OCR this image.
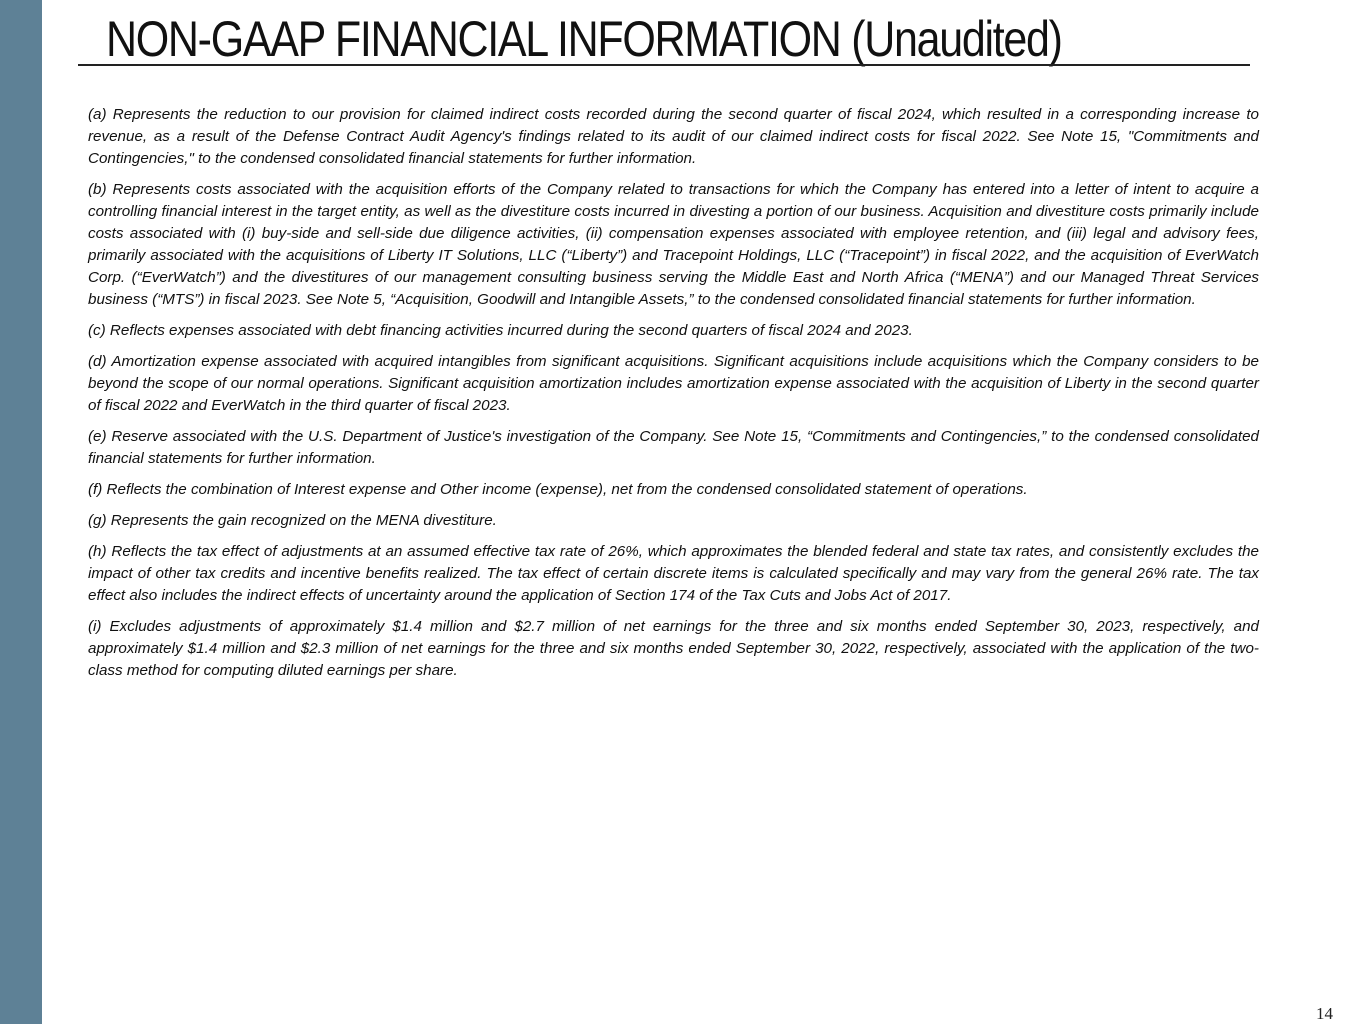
NON-GAAP FINANCIAL INFORMATION (Unaudited)

(a) Represents the reduction to our provision for claimed indirect costs recorded during the second quarter of fiscal 2024, which resulted in a corresponding increase to revenue, as a result of the Defense Contract Audit Agency's findings related to its audit of our claimed indirect costs for fiscal 2022. See Note 15, "Commitments and Contingencies," to the condensed consolidated financial statements for further information.

(b) Represents costs associated with the acquisition efforts of the Company related to transactions for which the Company has entered into a letter of intent to acquire a controlling financial interest in the target entity, as well as the divestiture costs incurred in divesting a portion of our business. Acquisition and divestiture costs primarily include costs associated with (i) buy-side and sell-side due diligence activities, (ii) compensation expenses associated with employee retention, and (iii) legal and advisory fees, primarily associated with the acquisitions of Liberty IT Solutions, LLC (“Liberty”) and Tracepoint Holdings, LLC (“Tracepoint”) in fiscal 2022, and the acquisition of EverWatch Corp. (“EverWatch”) and the divestitures of our management consulting business serving the Middle East and North Africa (“MENA”) and our Managed Threat Services business (“MTS”) in fiscal 2023. See Note 5, “Acquisition, Goodwill and Intangible Assets,” to the condensed consolidated financial statements for further information.

(c) Reflects expenses associated with debt financing activities incurred during the second quarters of fiscal 2024 and 2023.

(d) Amortization expense associated with acquired intangibles from significant acquisitions. Significant acquisitions include acquisitions which the Company considers to be beyond the scope of our normal operations. Significant acquisition amortization includes amortization expense associated with the acquisition of Liberty in the second quarter of fiscal 2022 and EverWatch in the third quarter of fiscal 2023.

(e) Reserve associated with the U.S. Department of Justice's investigation of the Company. See Note 15, “Commitments and Contingencies,” to the condensed consolidated financial statements for further information.

(f) Reflects the combination of Interest expense and Other income (expense), net from the condensed consolidated statement of operations.

(g) Represents the gain recognized on the MENA divestiture.

(h) Reflects the tax effect of adjustments at an assumed effective tax rate of 26%, which approximates the blended federal and state tax rates, and consistently excludes the impact of other tax credits and incentive benefits realized. The tax effect of certain discrete items is calculated specifically and may vary from the general 26% rate. The tax effect also includes the indirect effects of uncertainty around the application of Section 174 of the Tax Cuts and Jobs Act of 2017.

(i) Excludes adjustments of approximately $1.4 million and $2.7 million of net earnings for the three and six months ended September 30, 2023, respectively, and approximately $1.4 million and $2.3 million of net earnings for the three and six months ended September 30, 2022, respectively, associated with the application of the two-class method for computing diluted earnings per share.

14
